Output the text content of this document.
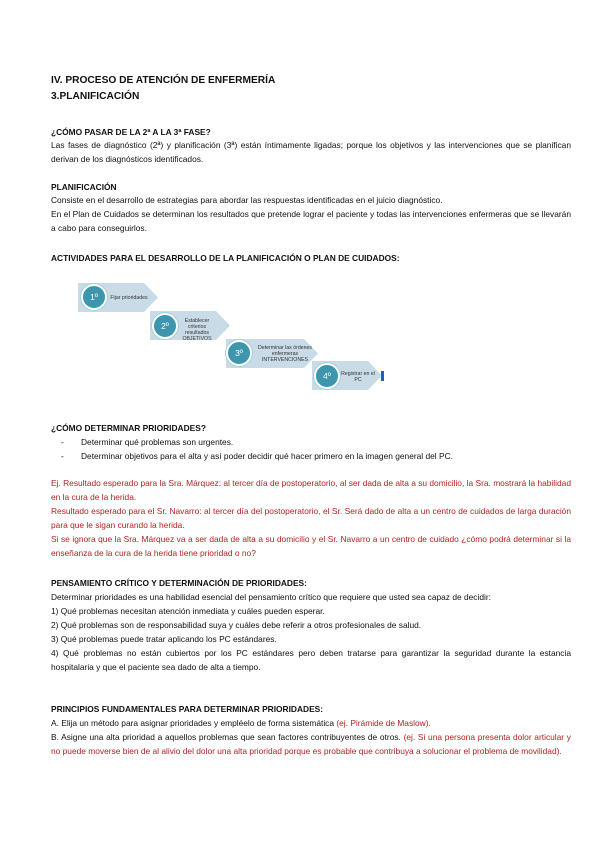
IV. PROCESO DE ATENCIÓN DE ENFERMERÍA
3.PLANIFICACIÓN
¿CÓMO PASAR DE LA 2ª A LA 3ª FASE?
Las fases de diagnóstico (2ª) y planificación (3ª) están íntimamente ligadas; porque los objetivos y las intervenciones que se planifican derivan de los diagnósticos identificados.
PLANIFICACIÓN
Consiste en el desarrollo de estrategias para abordar las respuestas identificadas en el juicio diagnóstico.
En el Plan de Cuidados se determinan los resultados que pretende lograr el paciente y todas las intervenciones enfermeras que se llevarán a cabo para conseguirlos.
ACTIVIDADES PARA EL DESARROLLO DE LA PLANIFICACIÓN O PLAN DE CUIDADOS:
1º	Fijar prioridades
2º	Establecer criterios resultados OBJETIVOS
3º	Determinar las órdenes enfermeras INTERVENCIONES
4º	Registrar en el PC
¿CÓMO DETERMINAR PRIORIDADES?
- Determinar qué problemas son urgentes.
- Determinar objetivos para el alta y así poder decidir qué hacer primero en la imagen general del PC.
Ej. Resultado esperado para la Sra. Márquez: al tercer día de postoperatorio, al ser dada de alta a su domicilio, la Sra. mostrará la habilidad en la cura de la herida.
Resultado esperado para el Sr. Navarro: al tercer día del postoperatorio, el Sr. Será dado de alta a un centro de cuidados de larga duración para que le sigan curando la herida.
Si se ignora que la Sra. Márquez va a ser dada de alta a su domicilio y el Sr. Navarro a un centro de cuidado ¿cómo podrá determinar si la enseñanza de la cura de la herida tiene prioridad o no?
PENSAMIENTO CRÍTICO Y DETERMINACIÓN DE PRIORIDADES:

Determinar prioridades es una habilidad esencial del pensamiento crítico que requiere que usted sea capaz de decidir:

1) Qué problemas necesitan atención inmediata y cuáles pueden esperar.

2) Qué problemas son de responsabilidad suya y cuáles debe referir a otros profesionales de salud.

3) Qué problemas puede tratar aplicando los PC estándares.

4) Qué problemas no están cubiertos por los PC estándares pero deben tratarse para garantizar la seguridad durante la estancia hospitalaria y que el paciente sea dado de alta a tiempo.

PRINCIPIOS FUNDAMENTALES PARA DETERMINAR PRIORIDADES:

A. Elija un método para asignar prioridades y empléelo de forma sistemática (ej. Pirámide de Maslow).

B. Asigne una alta prioridad a aquellos problemas que sean factores contribuyentes de otros. (ej. Si una persona presenta dolor articular y no puede moverse bien de al alivio del dolor una alta prioridad porque es probable que contribuya a solucionar el problema de movilidad).
